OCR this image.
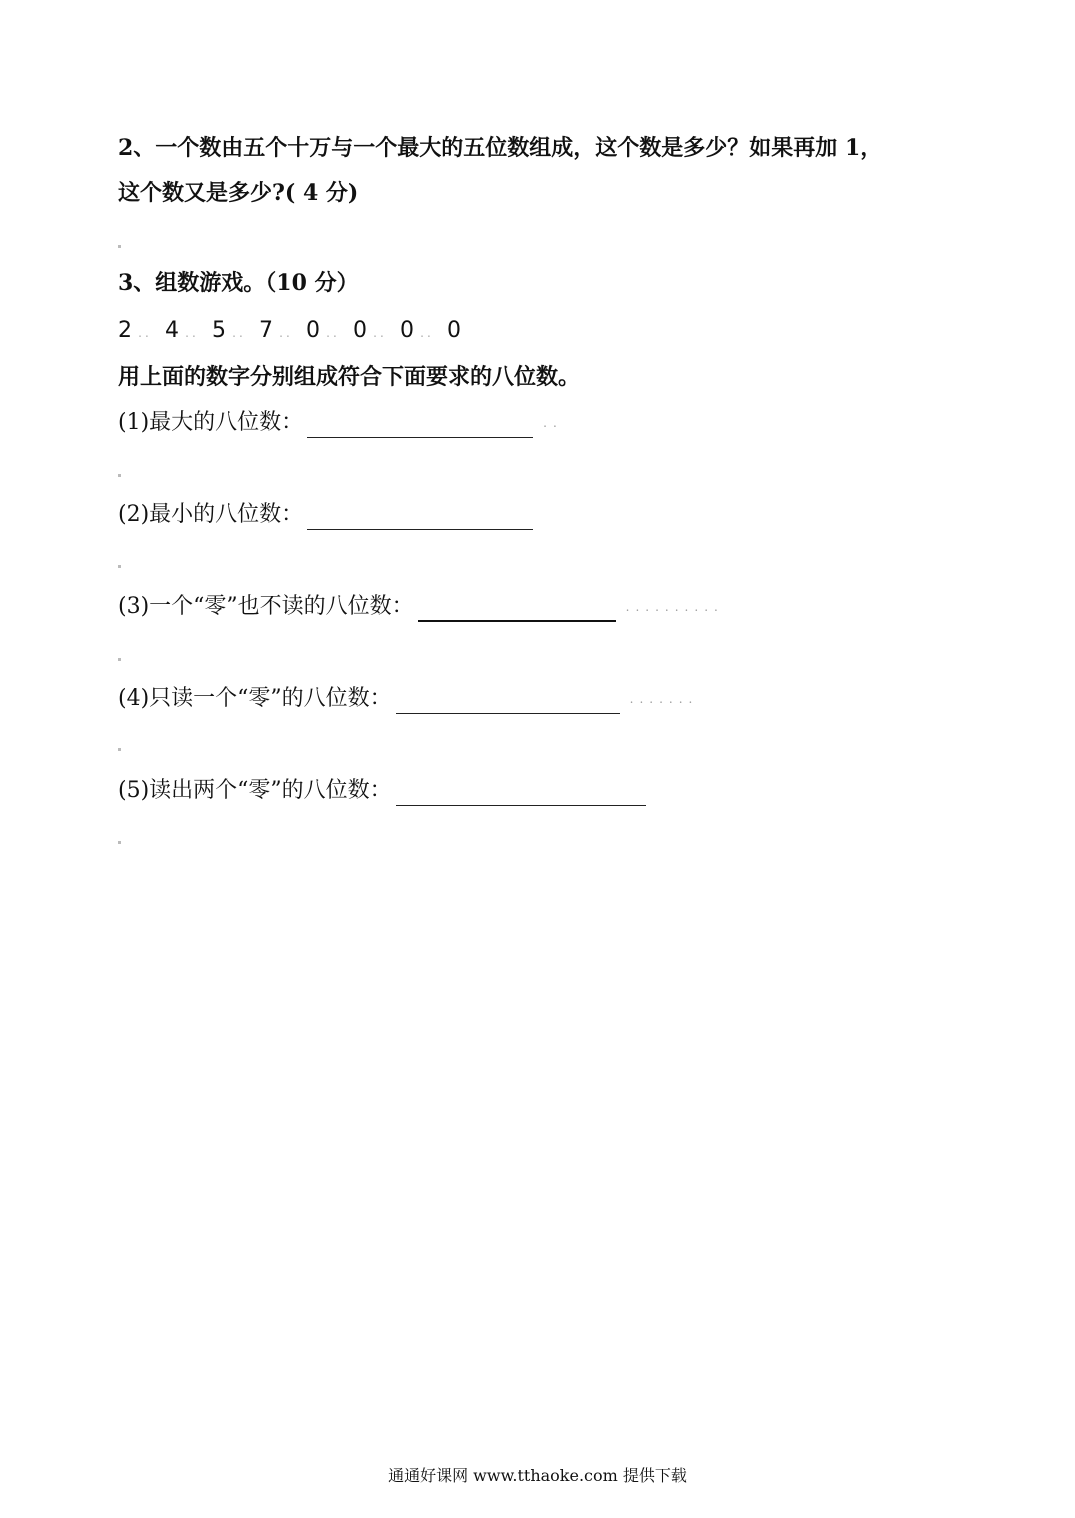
2、一个数由五个十万与一个最大的五位数组成，这个数是多少？如果再加 1，
这个数又是多少?( 4 分)
3、组数游戏。（10 分）
2 .. 4 .. 5 .. 7 .. 0 .. 0 .. 0 .. 0
用上面的数字分别组成符合下面要求的八位数。
(1)最大的八位数：	..
(2)最小的八位数：
(3)一个“零”也不读的八位数：	..........
(4)只读一个“零”的八位数：	.......
(5)读出两个“零”的八位数：
通通好课网 www.tthaoke.com 提供下载
